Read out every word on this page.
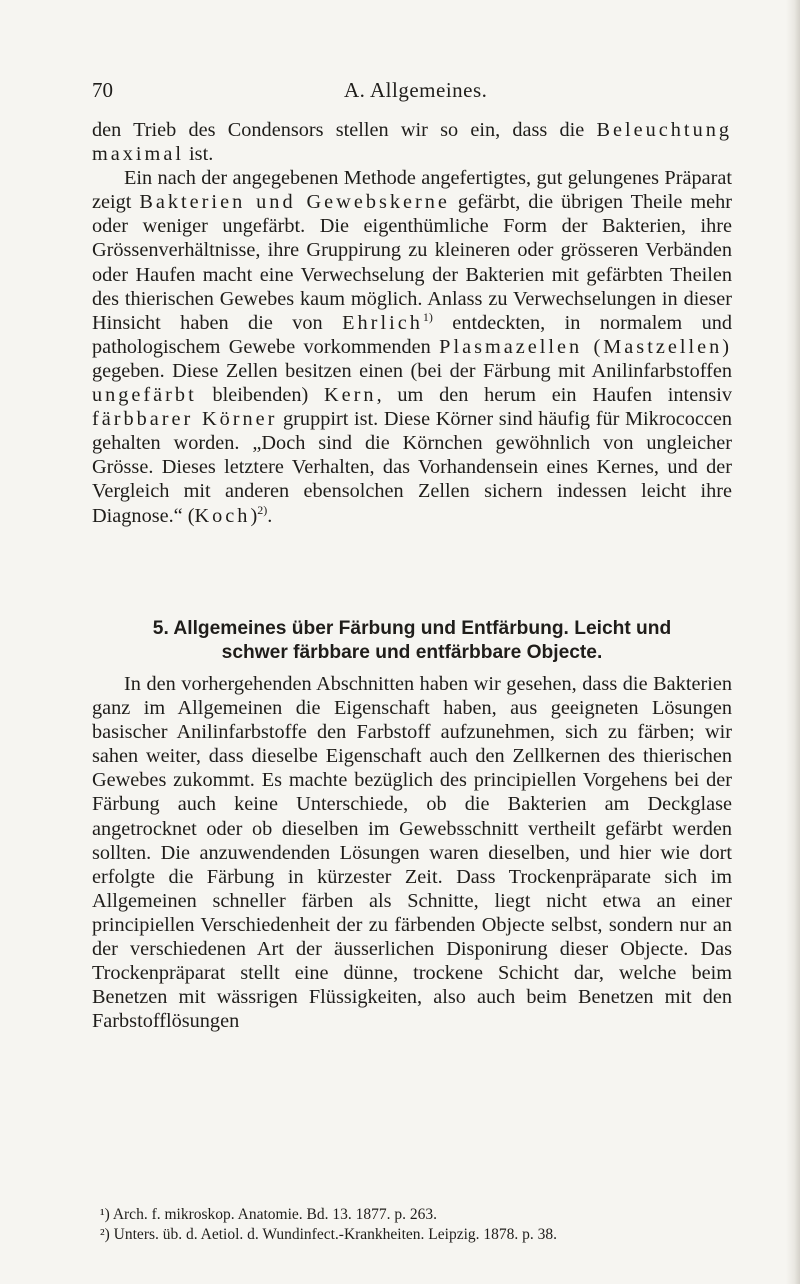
70	A. Allgemeines.

den Trieb des Condensors stellen wir so ein, dass die Beleuchtung maximal ist.

Ein nach der angegebenen Methode angefertigtes, gut gelungenes Präparat zeigt Bakterien und Gewebskerne gefärbt, die übrigen Theile mehr oder weniger ungefärbt. Die eigenthümliche Form der Bakterien, ihre Grössenverhältnisse, ihre Gruppirung zu kleineren oder grösseren Verbänden oder Haufen macht eine Verwechselung der Bakterien mit gefärbten Theilen des thierischen Gewebes kaum möglich. Anlass zu Verwechselungen in dieser Hinsicht haben die von Ehrlich$^{1)}$ entdeckten, in normalem und pathologischem Gewebe vorkommenden Plasmazellen (Mastzellen) gegeben. Diese Zellen besitzen einen (bei der Färbung mit Anilinfarbstoffen ungefärbt bleibenden) Kern, um den herum ein Haufen intensiv färbbarer Körner gruppirt ist. Diese Körner sind häufig für Mikrococcen gehalten worden. „Doch sind die Körnchen gewöhnlich von ungleicher Grösse. Dieses letztere Verhalten, das Vorhandensein eines Kernes, und der Vergleich mit anderen ebensolchen Zellen sichern indessen leicht ihre Diagnose.“ (Koch)$^{2)}$.

5. Allgemeines über Färbung und Entfärbung. Leicht und
schwer färbbare und entfärbbare Objecte.

In den vorhergehenden Abschnitten haben wir gesehen, dass die Bakterien ganz im Allgemeinen die Eigenschaft haben, aus geeigneten Lösungen basischer Anilinfarbstoffe den Farbstoff aufzunehmen, sich zu färben; wir sahen weiter, dass dieselbe Eigenschaft auch den Zellkernen des thierischen Gewebes zukommt. Es machte bezüglich des principiellen Vorgehens bei der Färbung auch keine Unterschiede, ob die Bakterien am Deckglase angetrocknet oder ob dieselben im Gewebsschnitt vertheilt gefärbt werden sollten. Die anzuwendenden Lösungen waren dieselben, und hier wie dort erfolgte die Färbung in kürzester Zeit. Dass Trockenpräparate sich im Allgemeinen schneller färben als Schnitte, liegt nicht etwa an einer principiellen Verschiedenheit der zu färbenden Objecte selbst, sondern nur an der verschiedenen Art der äusserlichen Disponirung dieser Objecte. Das Trockenpräparat stellt eine dünne, trockene Schicht dar, welche beim Benetzen mit wässrigen Flüssigkeiten, also auch beim Benetzen mit den Farbstofflösungen

¹) Arch. f. mikroskop. Anatomie. Bd. 13. 1877. p. 263.
²) Unters. üb. d. Aetiol. d. Wundinfect.-Krankheiten. Leipzig. 1878. p. 38.
